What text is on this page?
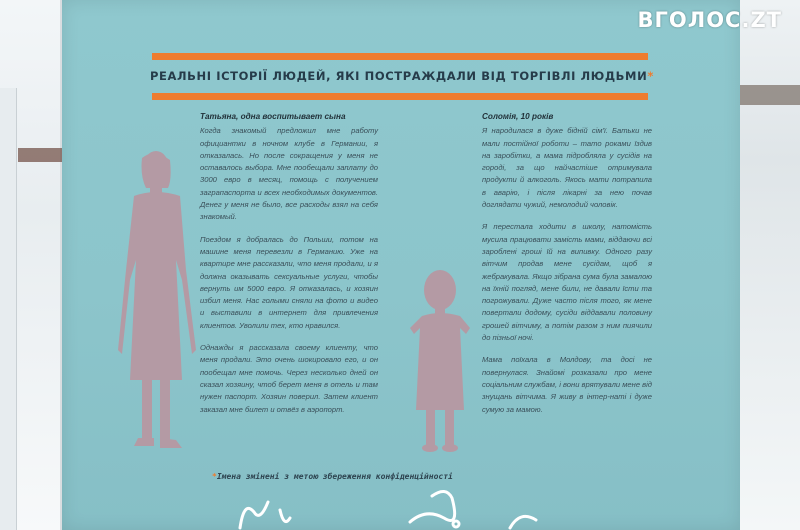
РЕАЛЬНІ ІСТОРІЇ ЛЮДЕЙ, ЯКІ ПОСТРАЖДАЛИ ВІД ТОРГІВЛІ ЛЮДЬМИ*
Татьяна, одна воспитывает сына

Когда знакомый предложил мне работу официантки в ночном клубе в Германии, я отказалась. Но после сокращения у меня не оставалось выбора. Мне пообещали заплату до 3000 евро в месяц, помощь с получением заграпаспорта и всех необходимых документов. Денег у меня не было, все расходы взял на себя знакомый.

Поездом я добралась до Польши, потом на машине меня перевезли в Германию. Уже на квартире мне рассказали, что меня продали, и я должна оказывать сексуальные услуги, чтобы вернуть им 5000 евро. Я отказалась, и хозяин избил меня. Нас голыми сняли на фото и видео и выставили в интернет для привлечения клиентов. Уволили тех, кто нравился.

Однажды я рассказала своему клиенту, что меня продали. Это очень шокировало его, и он пообещал мне помочь. Через несколько дней он сказал хозяину, чтоб берет меня в отель и там нужен паспорт. Хозяин поверил. Затем клиент заказал мне билет и отвёз в аэропорт.

Соломія, 10 років

Я народилася в дуже бідній сім'ї. Батьки не мали постійної роботи – тато роками їздив на заробітки, а мама підробляла у сусідів на городі, за що найчастіше отримувала продукти й алкоголь. Якось мати потрапила в аварію, і після лікарні за нею почав доглядати чужий, немолодий чоловік.

Я перестала ходити в школу, натомість мусила працювати замість мами, віддаючи всі зароблені гроші їй на випивку. Одного разу вітчим продав мене сусідам, щоб я жебракувала. Якщо зібрана сума була замалою на їхній погляд, мене били, не давали їсти та погрожували. Дуже часто після того, як мене повертали додому, сусіди віддавали половину грошей вітчиму, а потім разом з ним пиячили до пізньої ночі.

Мама поїхала в Молдову, та досі не повернулася. Знайомі розказали про мене соціальним службам, і вони врятували мене від знущань вітчима. Я живу в інтер-наті і дуже сумую за мамою.

*Імена змінені з метою збереження конфіденційності
ВГОЛОС.ZT
